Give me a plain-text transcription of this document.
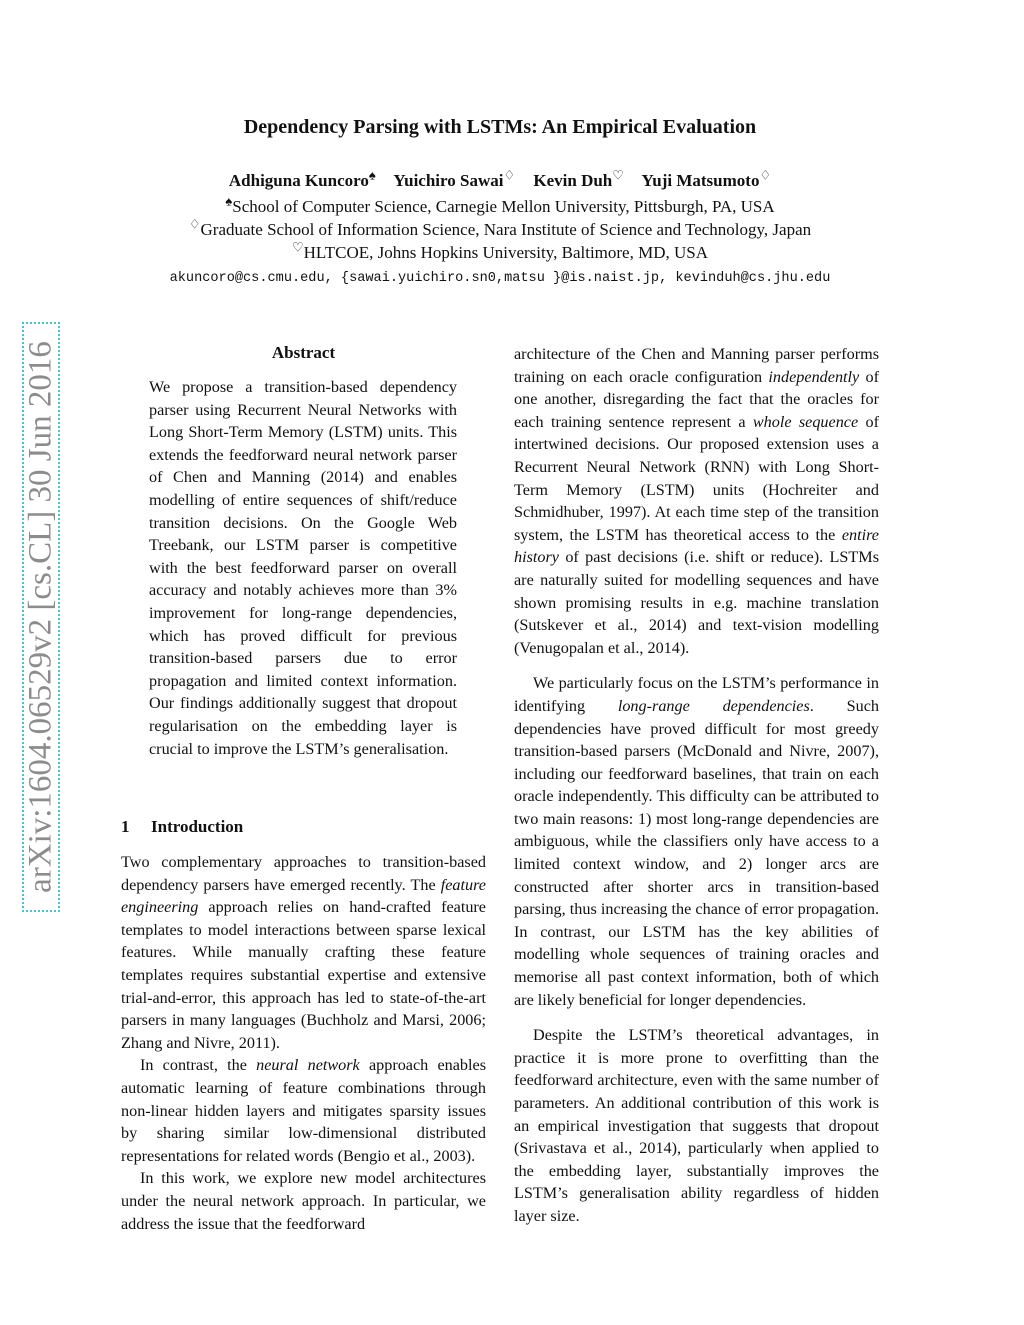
Dependency Parsing with LSTMs: An Empirical Evaluation
Adhiguna Kuncoro♠ Yuichiro Sawai♢ Kevin Duh♡ Yuji Matsumoto♢
♠School of Computer Science, Carnegie Mellon University, Pittsburgh, PA, USA
♢Graduate School of Information Science, Nara Institute of Science and Technology, Japan
♡HLTCOE, Johns Hopkins University, Baltimore, MD, USA
akuncoro@cs.cmu.edu, {sawai.yuichiro.sn0,matsu }@is.naist.jp, kevinduh@cs.jhu.edu
arXiv:1604.06529v2 [cs.CL] 30 Jun 2016	Abstract

We propose a transition-based dependency parser using Recurrent Neural Networks with Long Short-Term Memory (LSTM) units. This extends the feedforward neural network parser of Chen and Manning (2014) and enables modelling of entire sequences of shift/reduce transition decisions. On the Google Web Treebank, our LSTM parser is competitive with the best feedforward parser on overall accuracy and notably achieves more than 3% improvement for long-range dependencies, which has proved difficult for previous transition-based parsers due to error propagation and limited context information. Our findings additionally suggest that dropout regularisation on the embedding layer is crucial to improve the LSTM’s generalisation.

1 Introduction

Two complementary approaches to transition-based dependency parsers have emerged recently. The feature engineering approach relies on hand-crafted feature templates to model interactions between sparse lexical features. While manually crafting these feature templates requires substantial expertise and extensive trial-and-error, this approach has led to state-of-the-art parsers in many languages (Buchholz and Marsi, 2006; Zhang and Nivre, 2011).

In contrast, the neural network approach enables automatic learning of feature combinations through non-linear hidden layers and mitigates sparsity issues by sharing similar low-dimensional distributed representations for related words (Bengio et al., 2003).

In this work, we explore new model architectures under the neural network approach. In particular, we address the issue that the feedforward

architecture of the Chen and Manning parser performs training on each oracle configuration independently of one another, disregarding the fact that the oracles for each training sentence represent a whole sequence of intertwined decisions. Our proposed extension uses a Recurrent Neural Network (RNN) with Long Short-Term Memory (LSTM) units (Hochreiter and Schmidhuber, 1997). At each time step of the transition system, the LSTM has theoretical access to the entire history of past decisions (i.e. shift or reduce). LSTMs are naturally suited for modelling sequences and have shown promising results in e.g. machine translation (Sutskever et al., 2014) and text-vision modelling (Venugopalan et al., 2014).

We particularly focus on the LSTM’s performance in identifying long-range dependencies. Such dependencies have proved difficult for most greedy transition-based parsers (McDonald and Nivre, 2007), including our feedforward baselines, that train on each oracle independently. This difficulty can be attributed to two main reasons: 1) most long-range dependencies are ambiguous, while the classifiers only have access to a limited context window, and 2) longer arcs are constructed after shorter arcs in transition-based parsing, thus increasing the chance of error propagation. In contrast, our LSTM has the key abilities of modelling whole sequences of training oracles and memorise all past context information, both of which are likely beneficial for longer dependencies.

Despite the LSTM’s theoretical advantages, in practice it is more prone to overfitting than the feedforward architecture, even with the same number of parameters. An additional contribution of this work is an empirical investigation that suggests that dropout (Srivastava et al., 2014), particularly when applied to the embedding layer, substantially improves the LSTM’s generalisation ability regardless of hidden layer size.
